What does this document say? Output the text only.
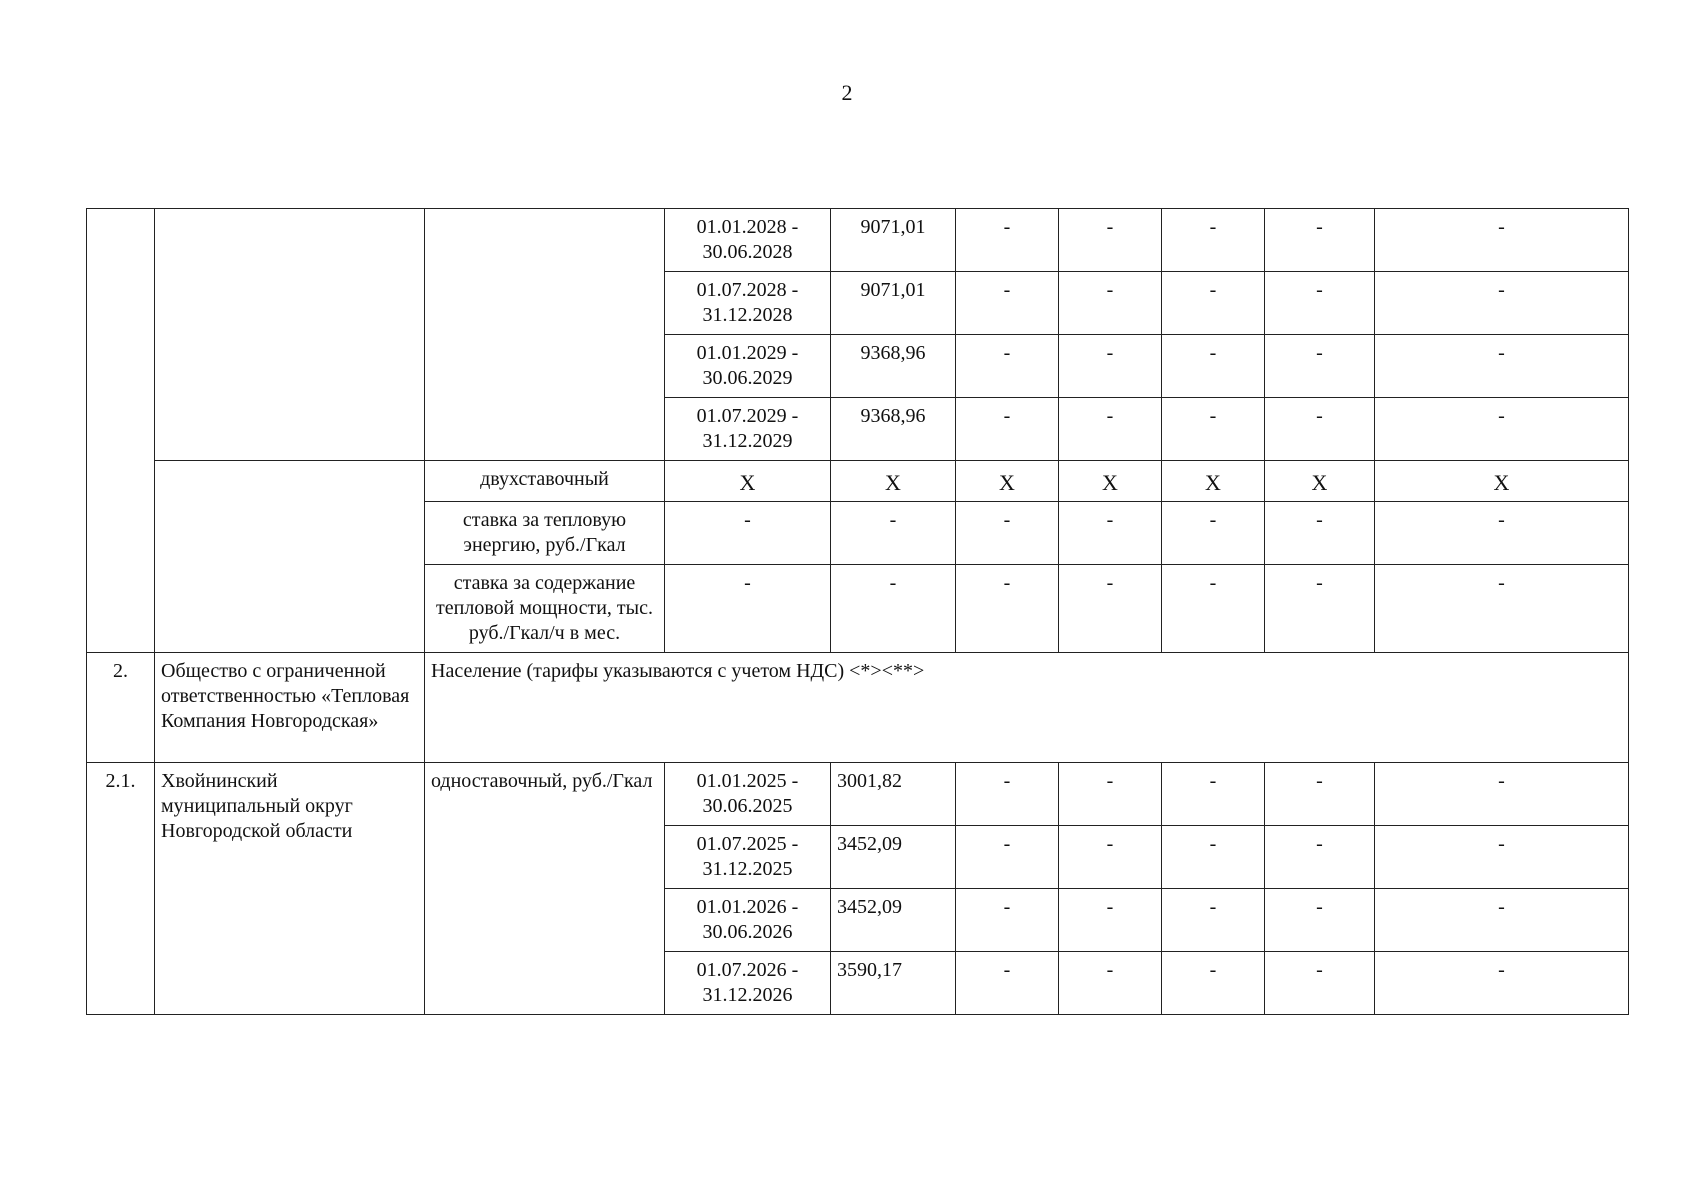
2
			01.01.2028 - 30.06.2028	9071,01	-	-	-	-	-
			01.07.2028 - 31.12.2028	9071,01	-	-	-	-	-
			01.01.2029 - 30.06.2029	9368,96	-	-	-	-	-
			01.07.2029 - 31.12.2029	9368,96	-	-	-	-	-
		двухставочный	X	X	X	X	X	X	X
		ставка за тепловую энергию, руб./Гкал	-	-	-	-	-	-	-
		ставка за содержание тепловой мощности, тыс. руб./Гкал/ч в мес.	-	-	-	-	-	-	-
2.	Общество с ограниченной ответственностью «Тепловая Компания Новгородская»	Население (тарифы указываются с учетом НДС) <*><**>							
2.1.	Хвойнинский муниципальный округ Новгородской области	одноставочный, руб./Гкал	01.01.2025 - 30.06.2025	3001,82	-	-	-	-	-
			01.07.2025 - 31.12.2025	3452,09	-	-	-	-	-
			01.01.2026 - 30.06.2026	3452,09	-	-	-	-	-
			01.07.2026 - 31.12.2026	3590,17	-	-	-	-	-
